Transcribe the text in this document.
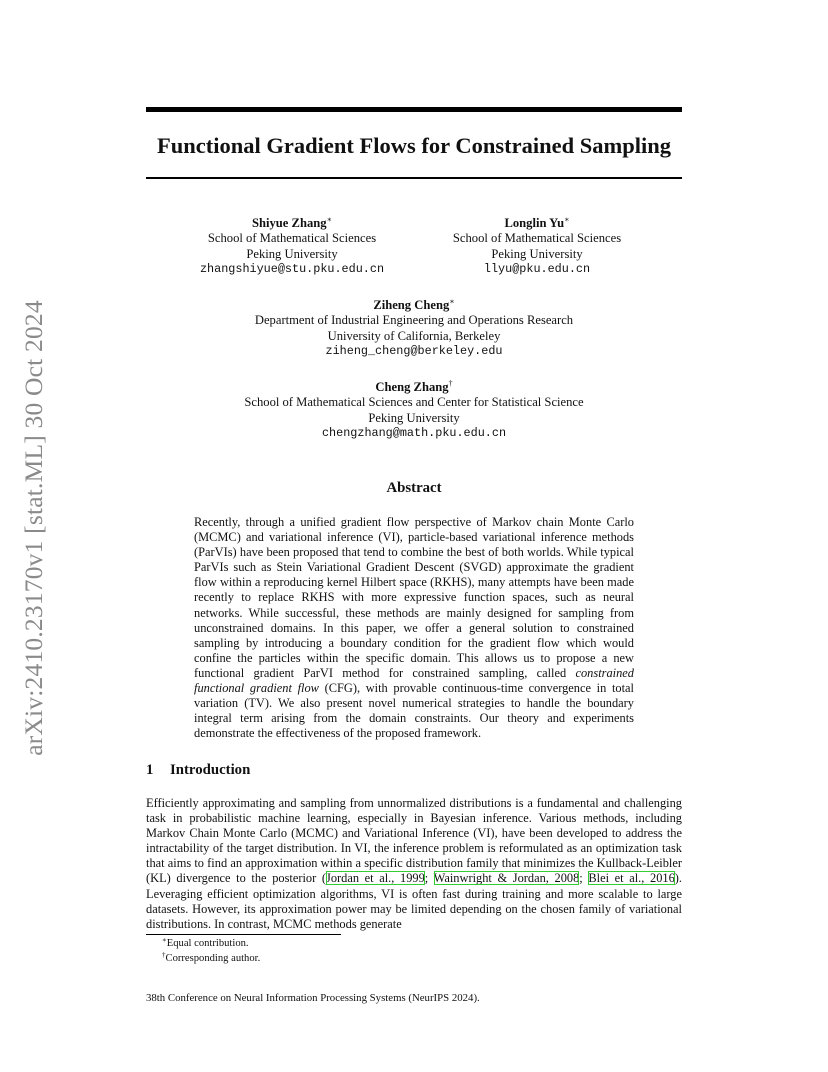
arXiv:2410.23170v1 [stat.ML] 30 Oct 2024
Functional Gradient Flows for Constrained Sampling
Shiyue Zhang∗
School of Mathematical Sciences
Peking University
zhangshiyue@stu.pku.edu.cn
Longlin Yu∗
School of Mathematical Sciences
Peking University
llyu@pku.edu.cn
Ziheng Cheng∗
Department of Industrial Engineering and Operations Research
University of California, Berkeley
ziheng_cheng@berkeley.edu
Cheng Zhang†
School of Mathematical Sciences and Center for Statistical Science
Peking University
chengzhang@math.pku.edu.cn
Abstract
Recently, through a unified gradient flow perspective of Markov chain Monte Carlo (MCMC) and variational inference (VI), particle-based variational inference methods (ParVIs) have been proposed that tend to combine the best of both worlds. While typical ParVIs such as Stein Variational Gradient Descent (SVGD) approximate the gradient flow within a reproducing kernel Hilbert space (RKHS), many attempts have been made recently to replace RKHS with more expressive function spaces, such as neural networks. While successful, these methods are mainly designed for sampling from unconstrained domains. In this paper, we offer a general solution to constrained sampling by introducing a boundary condition for the gradient flow which would confine the particles within the specific domain. This allows us to propose a new functional gradient ParVI method for constrained sampling, called constrained functional gradient flow (CFG), with provable continuous-time convergence in total variation (TV). We also present novel numerical strategies to handle the boundary integral term arising from the domain constraints. Our theory and experiments demonstrate the effectiveness of the proposed framework.
1 Introduction
Efficiently approximating and sampling from unnormalized distributions is a fundamental and challenging task in probabilistic machine learning, especially in Bayesian inference. Various methods, including Markov Chain Monte Carlo (MCMC) and Variational Inference (VI), have been developed to address the intractability of the target distribution. In VI, the inference problem is reformulated as an optimization task that aims to find an approximation within a specific distribution family that minimizes the Kullback-Leibler (KL) divergence to the posterior (Jordan et al., 1999; Wainwright & Jordan, 2008; Blei et al., 2016). Leveraging efficient optimization algorithms, VI is often fast during training and more scalable to large datasets. However, its approximation power may be limited depending on the chosen family of variational distributions. In contrast, MCMC methods generate
∗Equal contribution.
†Corresponding author.
38th Conference on Neural Information Processing Systems (NeurIPS 2024).
